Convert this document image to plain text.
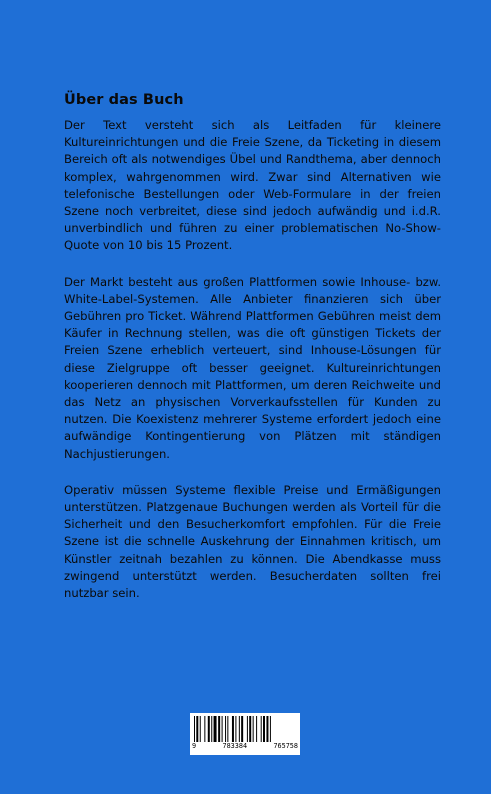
Über das Buch

Der Text versteht sich als Leitfaden für kleinere Kultureinrichtungen und die Freie Szene, da Ticketing in diesem Bereich oft als notwendiges Übel und Randthema, aber dennoch komplex, wahrgenommen wird. Zwar sind Alternativen wie telefonische Bestellungen oder Web-Formulare in der freien Szene noch verbreitet, diese sind jedoch aufwändig und i.d.R. unverbindlich und führen zu einer problematischen No-Show-Quote von 10 bis 15 Prozent.

Der Markt besteht aus großen Plattformen sowie Inhouse- bzw. White-Label-Systemen. Alle Anbieter finanzieren sich über Gebühren pro Ticket. Während Plattformen Gebühren meist dem Käufer in Rechnung stellen, was die oft günstigen Tickets der Freien Szene erheblich verteuert, sind Inhouse-Lösungen für diese Zielgruppe oft besser geeignet. Kultureinrichtungen kooperieren dennoch mit Plattformen, um deren Reichweite und das Netz an physischen Vorverkaufsstellen für Kunden zu nutzen. Die Koexistenz mehrerer Systeme erfordert jedoch eine aufwändige Kontingentierung von Plätzen mit ständigen Nachjustierungen.

Operativ müssen Systeme flexible Preise und Ermäßigungen unterstützen. Platzgenaue Buchungen werden als Vorteil für die Sicherheit und den Besucherkomfort empfohlen. Für die Freie Szene ist die schnelle Auskehrung der Einnahmen kritisch, um Künstler zeitnah bezahlen zu können. Die Abendkasse muss zwingend unterstützt werden. Besucherdaten sollten frei nutzbar sein.

9	783384	765758
